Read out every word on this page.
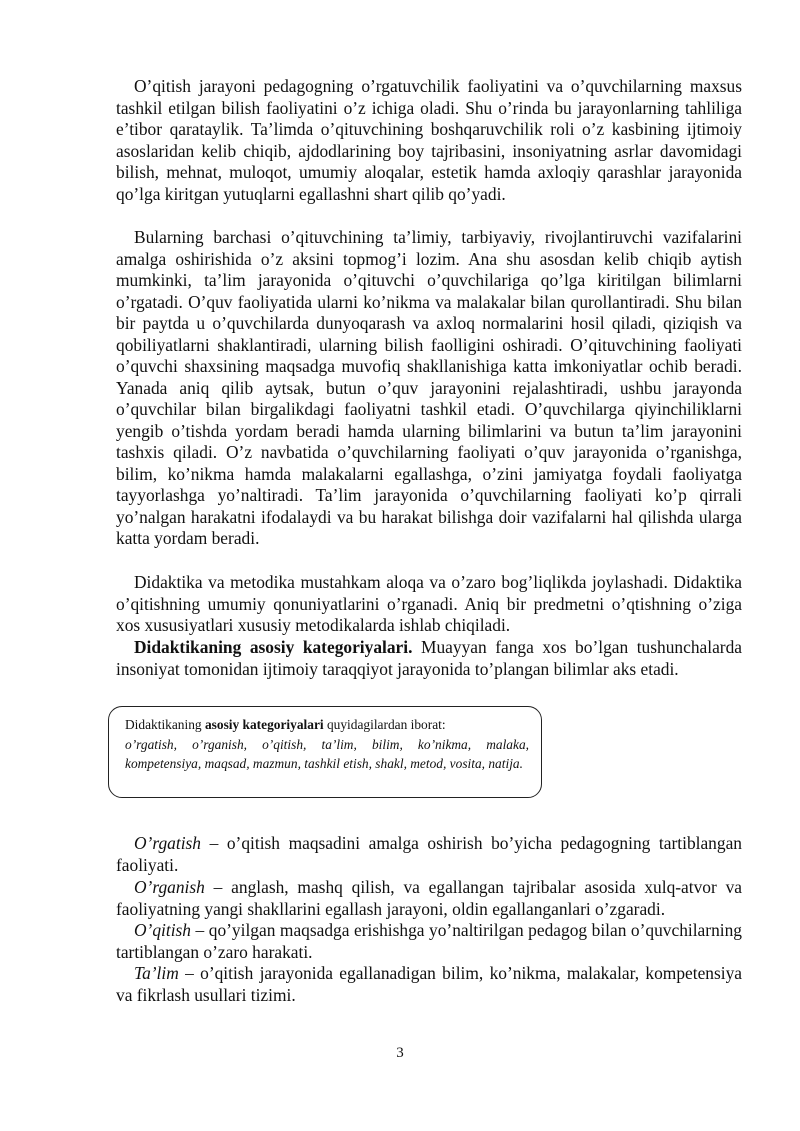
O’qitish jarayoni pedagogning o’rgatuvchilik faoliyatini va o’quvchilarning maxsus tashkil etilgan bilish faoliyatini o’z ichiga oladi. Shu o’rinda bu jarayonlarning tahliliga e’tibor qarataylik. Ta’limda o’qituvchining boshqaruvchilik roli o’z kasbining ijtimoiy asoslaridan kelib chiqib, ajdodlarining boy tajribasini, insoniyatning asrlar davomidagi bilish, mehnat, muloqot, umumiy aloqalar, estetik hamda axloqiy qarashlar jarayonida qo’lga kiritgan yutuqlarni egallashni shart qilib qo’yadi.

Bularning barchasi o’qituvchining ta’limiy, tarbiyaviy, rivojlantiruvchi vazifalarini amalga oshirishida o’z aksini topmog’i lozim. Ana shu asosdan kelib chiqib aytish mumkinki, ta’lim jarayonida o’qituvchi o’quvchilariga qo’lga kiritilgan bilimlarni o’rgatadi. O’quv faoliyatida ularni ko’nikma va malakalar bilan qurollantiradi. Shu bilan bir paytda u o’quvchilarda dunyoqarash va axloq normalarini hosil qiladi, qiziqish va qobiliyatlarni shaklantiradi, ularning bilish faolligini oshiradi. O’qituvchining faoliyati o’quvchi shaxsining maqsadga muvofiq shakllanishiga katta imkoniyatlar ochib beradi. Yanada aniq qilib aytsak, butun o’quv jarayonini rejalashtiradi, ushbu jarayonda o’quvchilar bilan birgalikdagi faoliyatni tashkil etadi. O’quvchilarga qiyinchiliklarni yengib o’tishda yordam beradi hamda ularning bilimlarini va butun ta’lim jarayonini tashxis qiladi. O’z navbatida o’quvchilarning faoliyati o’quv jarayonida o’rganishga, bilim, ko’nikma hamda malakalarni egallashga, o’zini jamiyatga foydali faoliyatga tayyorlashga yo’naltiradi. Ta’lim jarayonida o’quvchilarning faoliyati ko’p qirrali yo’nalgan harakatni ifodalaydi va bu harakat bilishga doir vazifalarni hal qilishda ularga katta yordam beradi.

Didaktika va metodika mustahkam aloqa va o’zaro bog’liqlikda joylashadi. Didaktika o’qitishning umumiy qonuniyatlarini o’rganadi. Aniq bir predmetni o’qtishning o’ziga xos xususiyatlari xususiy metodikalarda ishlab chiqiladi.

Didaktikaning asosiy kategoriyalari. Muayyan fanga xos bo’lgan tushunchalarda insoniyat tomonidan ijtimoiy taraqqiyot jarayonida to’plangan bilimlar aks etadi.

Didaktikaning asosiy kategoriyalari quyidagilardan iborat:
o’rgatish, o’rganish, o’qitish, ta’lim, bilim, ko’nikma, malaka, kompetensiya, maqsad, mazmun, tashkil etish, shakl, metod, vosita, natija.

O’rgatish – o’qitish maqsadini amalga oshirish bo’yicha pedagogning tartiblangan faoliyati.

O’rganish – anglash, mashq qilish, va egallangan tajribalar asosida xulq-atvor va faoliyatning yangi shakllarini egallash jarayoni, oldin egallanganlari o’zgaradi.

O’qitish – qo’yilgan maqsadga erishishga yo’naltirilgan pedagog bilan o’quvchilarning tartiblangan o’zaro harakati.

Ta’lim – o’qitish jarayonida egallanadigan bilim, ko’nikma, malakalar, kompetensiya va fikrlash usullari tizimi.

3
